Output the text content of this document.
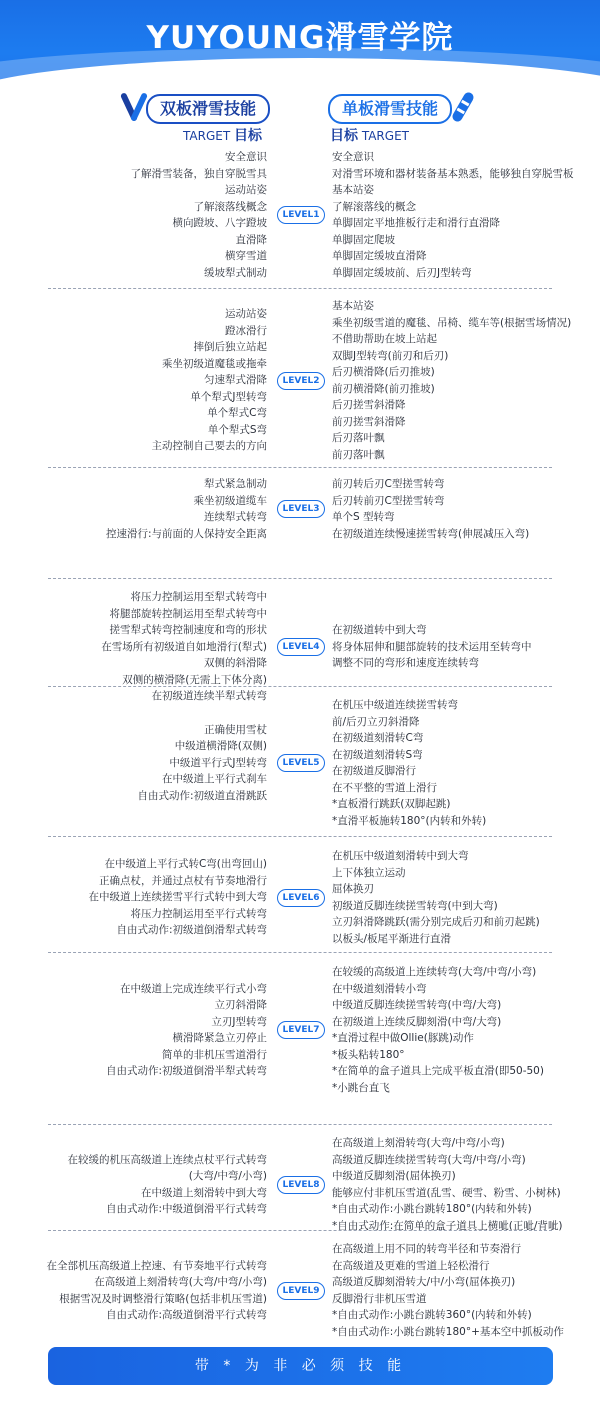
YUYOUNG滑雪学院
双板滑雪技能
TARGET 目标
单板滑雪技能
目标 TARGET
安全意识
了解滑雪装备，独自穿脱雪具
运动站姿
了解滚落线概念
横向蹬坡、八字蹬坡
直滑降
横穿雪道
缓坡犁式制动
LEVEL1
安全意识
对滑雪环境和器材装备基本熟悉，能够独自穿脱雪板
基本站姿
了解滚落线的概念
单脚固定平地推板行走和滑行直滑降
单脚固定爬坡
单脚固定缓坡直滑降
单脚固定缓坡前、后刃J型转弯
运动站姿
蹬冰滑行
摔倒后独立站起
乘坐初级道魔毯或拖牵
匀速犁式滑降
单个犁式J型转弯
单个犁式C弯
单个犁式S弯
主动控制自己要去的方向
LEVEL2
基本站姿
乘坐初级雪道的魔毯、吊椅、缆车等(根据雪场情况)
不借助帮助在坡上站起
双脚J型转弯(前刃和后刃)
后刃横滑降(后刃推坡)
前刃横滑降(前刃推坡)
后刃搓雪斜滑降
前刃搓雪斜滑降
后刃落叶飘
前刃落叶飘
犁式紧急制动
乘坐初级道缆车
连续犁式转弯
控速滑行:与前面的人保持安全距离
LEVEL3
前刃转后刃C型搓雪转弯
后刃转前刃C型搓雪转弯
单个S 型转弯
在初级道连续慢速搓雪转弯(伸展减压入弯)
将压力控制运用至犁式转弯中
将腿部旋转控制运用至犁式转弯中
搓雪犁式转弯控制速度和弯的形状
在雪场所有初级道自如地滑行(犁式)
双侧的斜滑降
双侧的横滑降(无需上下体分离)
在初级道连续半犁式转弯
LEVEL4
在初级道转中到大弯
将身体屈伸和腿部旋转的技术运用至转弯中
调整不同的弯形和速度连续转弯
正确使用雪杖
中级道横滑降(双侧)
中级道平行式J型转弯
在中级道上平行式刹车
自由式动作:初级道直滑跳跃
LEVEL5
在机压中级道连续搓雪转弯
前/后刃立刃斜滑降
在初级道刻滑转C弯
在初级道刻滑转S弯
在初级道反脚滑行
在不平整的雪道上滑行
*直板滑行跳跃(双脚起跳)
*直滑平板施转180°(内转和外转)
在中级道上平行式转C弯(出弯回山)
正确点杖，并通过点杖有节奏地滑行
在中级道上连续搓雪平行式转中到大弯
将压力控制运用至平行式转弯
自由式动作:初级道倒滑犁式转弯
LEVEL6
在机压中级道刻滑转中到大弯
上下体独立运动
屈体换刃
初级道反脚连续搓雪转弯(中到大弯)
立刃斜滑降跳跃(需分别完成后刃和前刃起跳)
以板头/板尾平渐进行直滑
在中级道上完成连续平行式小弯
立刃斜滑降
立刃J型转弯
横滑降紧急立刃停止
简单的非机压雪道滑行
自由式动作:初级道倒滑半犁式转弯
LEVEL7
在较缓的高级道上连续转弯(大弯/中弯/小弯)
在中级道刻滑转小弯
中级道反脚连续搓雪转弯(中弯/大弯)
在初级道上连续反脚刻滑(中弯/大弯)
*直滑过程中做Ollie(豚跳)动作
*板头粘转180°
*在简单的盒子道具上完成平板直滑(即50-50)
*小跳台直飞
在较缓的机压高级道上连续点杖平行式转弯
(大弯/中弯/小弯)
在中级道上刻滑转中到大弯
自由式动作:中级道倒滑平行式转弯
LEVEL8
在高级道上刻滑转弯(大弯/中弯/小弯)
高级道反脚连续搓雪转弯(大弯/中弯/小弯)
中级道反脚刻滑(屈体换刃)
能够应付非机压雪道(乱雪、硬雪、粉雪、小树林)
*自由式动作:小跳台跳转180°(内转和外转)
*自由式动作:在简单的盒子道具上横呲(正呲/背呲)
在全部机压高级道上控速、有节奏地平行式转弯
在高级道上刻滑转弯(大弯/中弯/小弯)
根据雪况及时调整滑行策略(包括非机压雪道)
自由式动作:高级道倒滑平行式转弯
LEVEL9
在高级道上用不同的转弯半径和节奏滑行
在高级道及更难的雪道上轻松滑行
高级道反脚刻滑转大/中/小弯(屈体换刃)
反脚滑行非机压雪道
*自由式动作:小跳台跳转360°(内转和外转)
*自由式动作:小跳台跳转180°+基本空中抓板动作
带 * 为 非 必 须 技 能
